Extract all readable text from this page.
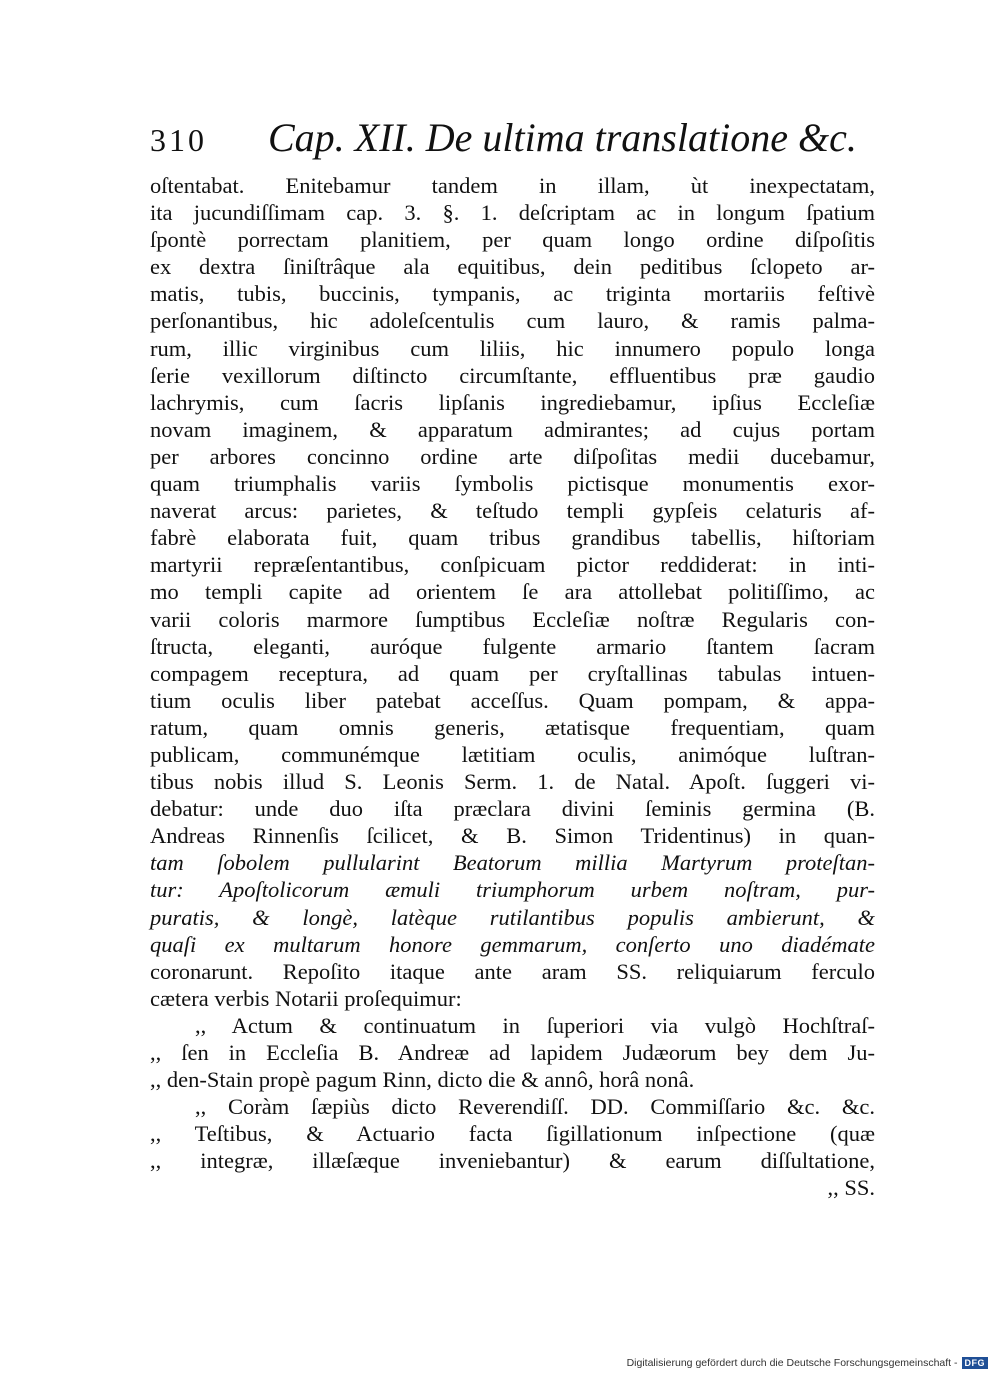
310 Cap. XII. De ultima translatione &c.
oſtentabat. Enitebamur tandem in illam, ùt inexpectatam,
ita jucundiſſimam cap. 3. §. 1. deſcriptam ac in longum ſpatium
ſpontè porrectam planitiem, per quam longo ordine diſpoſitis
ex dextra ſiniſtrâque ala equitibus, dein peditibus ſclopeto ar-
matis, tubis, buccinis, tympanis, ac triginta mortariis feſtivè
perſonantibus, hic adoleſcentulis cum lauro, & ramis palma-
rum, illic virginibus cum liliis, hic innumero populo longa
ſerie vexillorum diſtincto circumſtante, effluentibus præ gaudio
lachrymis, cum ſacris lipſanis ingrediebamur, ipſius Eccleſiæ
novam imaginem, & apparatum admirantes; ad cujus portam
per arbores concinno ordine arte diſpoſitas medii ducebamur,
quam triumphalis variis ſymbolis pictisque monumentis exor-
naverat arcus: parietes, & teſtudo templi gypſeis celaturis af-
fabrè elaborata fuit, quam tribus grandibus tabellis, hiſtoriam
martyrii repræſentantibus, conſpicuam pictor reddiderat: in inti-
mo templi capite ad orientem ſe ara attollebat politiſſimo, ac
varii coloris marmore ſumptibus Eccleſiæ noſtræ Regularis con-
ſtructa, eleganti, auróque fulgente armario ſtantem ſacram
compagem receptura, ad quam per cryſtallinas tabulas intuen-
tium oculis liber patebat acceſſus. Quam pompam, & appa-
ratum, quam omnis generis, ætatisque frequentiam, quam
publicam, communémque lætitiam oculis, animóque luſtran-
tibus nobis illud S. Leonis Serm. 1. de Natal. Apoſt. ſuggeri vi-
debatur: unde duo iſta præclara divini ſeminis germina (B.
Andreas Rinnenſis ſcilicet, & B. Simon Tridentinus) in quan-
tam ſobolem pullularint Beatorum millia Martyrum proteſtan-
tur: Apoſtolicorum æmuli triumphorum urbem noſtram, pur-
puratis, & longè, latèque rutilantibus populis ambierunt, &
quaſi ex multarum honore gemmarum, conſerto uno diadémate
coronarunt. Repoſito itaque ante aram SS. reliquiarum ferculo
cætera verbis Notarii proſequimur:
,, Actum & continuatum in ſuperiori via vulgò Hochſtraſ-
,, ſen in Eccleſia B. Andreæ ad lapidem Judæorum bey dem Ju-
,, den-Stain propè pagum Rinn, dicto die & annô, horâ nonâ.
,, Coràm ſæpiùs dicto Reverendiſſ. DD. Commiſſario &c. &c.
,, Teſtibus, & Actuario facta ſigillationum inſpectione (quæ
,, integræ, illæſæque inveniebantur) & earum diſſultatione,
,, SS.
Digitalisierung gefördert durch die Deutsche Forschungsgemeinschaft - DFG
